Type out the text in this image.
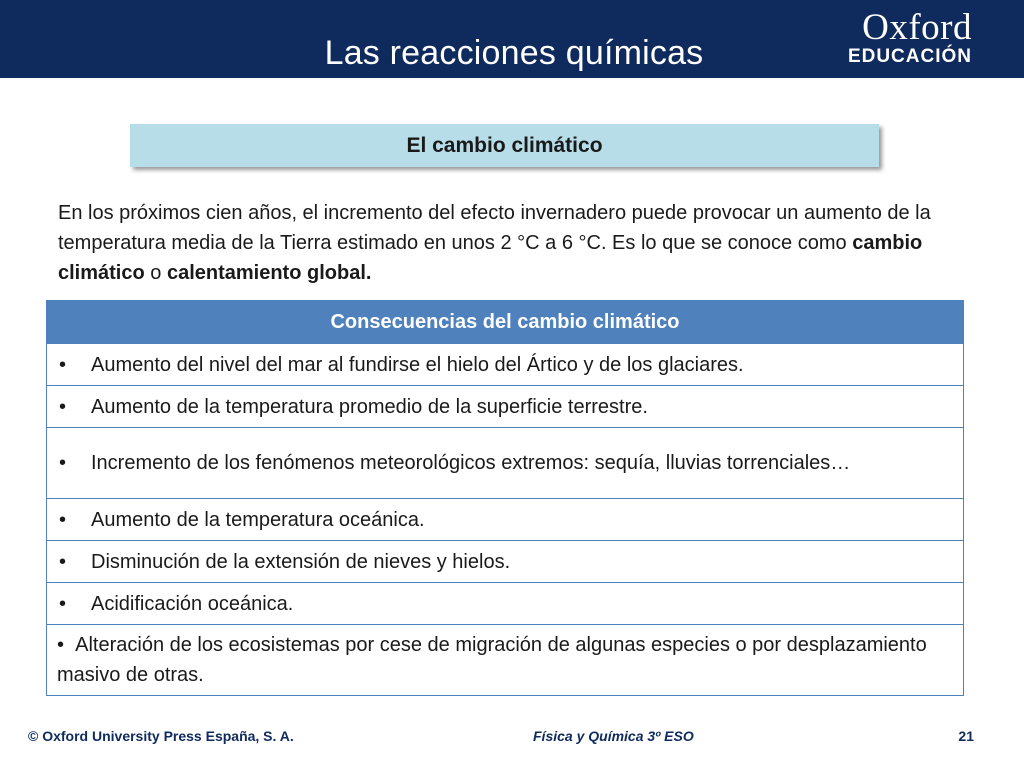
Las reacciones químicas
Oxford
EDUCACIÓN
El cambio climático
En los próximos cien años, el incremento del efecto invernadero puede provocar un aumento de la temperatura media de la Tierra estimado en unos 2 °C a 6 °C. Es lo que se conoce como cambio climático o calentamiento global.
Consecuencias del cambio climático

•	Aumento del nivel del mar al fundirse el hielo del Ártico y de los glaciares.

•	Aumento de la temperatura promedio de la superficie terrestre.

•	Incremento de los fenómenos meteorológicos extremos: sequía, lluvias torrenciales…

•	Aumento de la temperatura oceánica.

•	Disminución de la extensión de nieves y hielos.

•	Acidificación oceánica.

• Alteración de los ecosistemas por cese de migración de algunas especies o por desplazamiento masivo de otras.
© Oxford University Press España, S. A.	Física y Química 3º ESO	21
